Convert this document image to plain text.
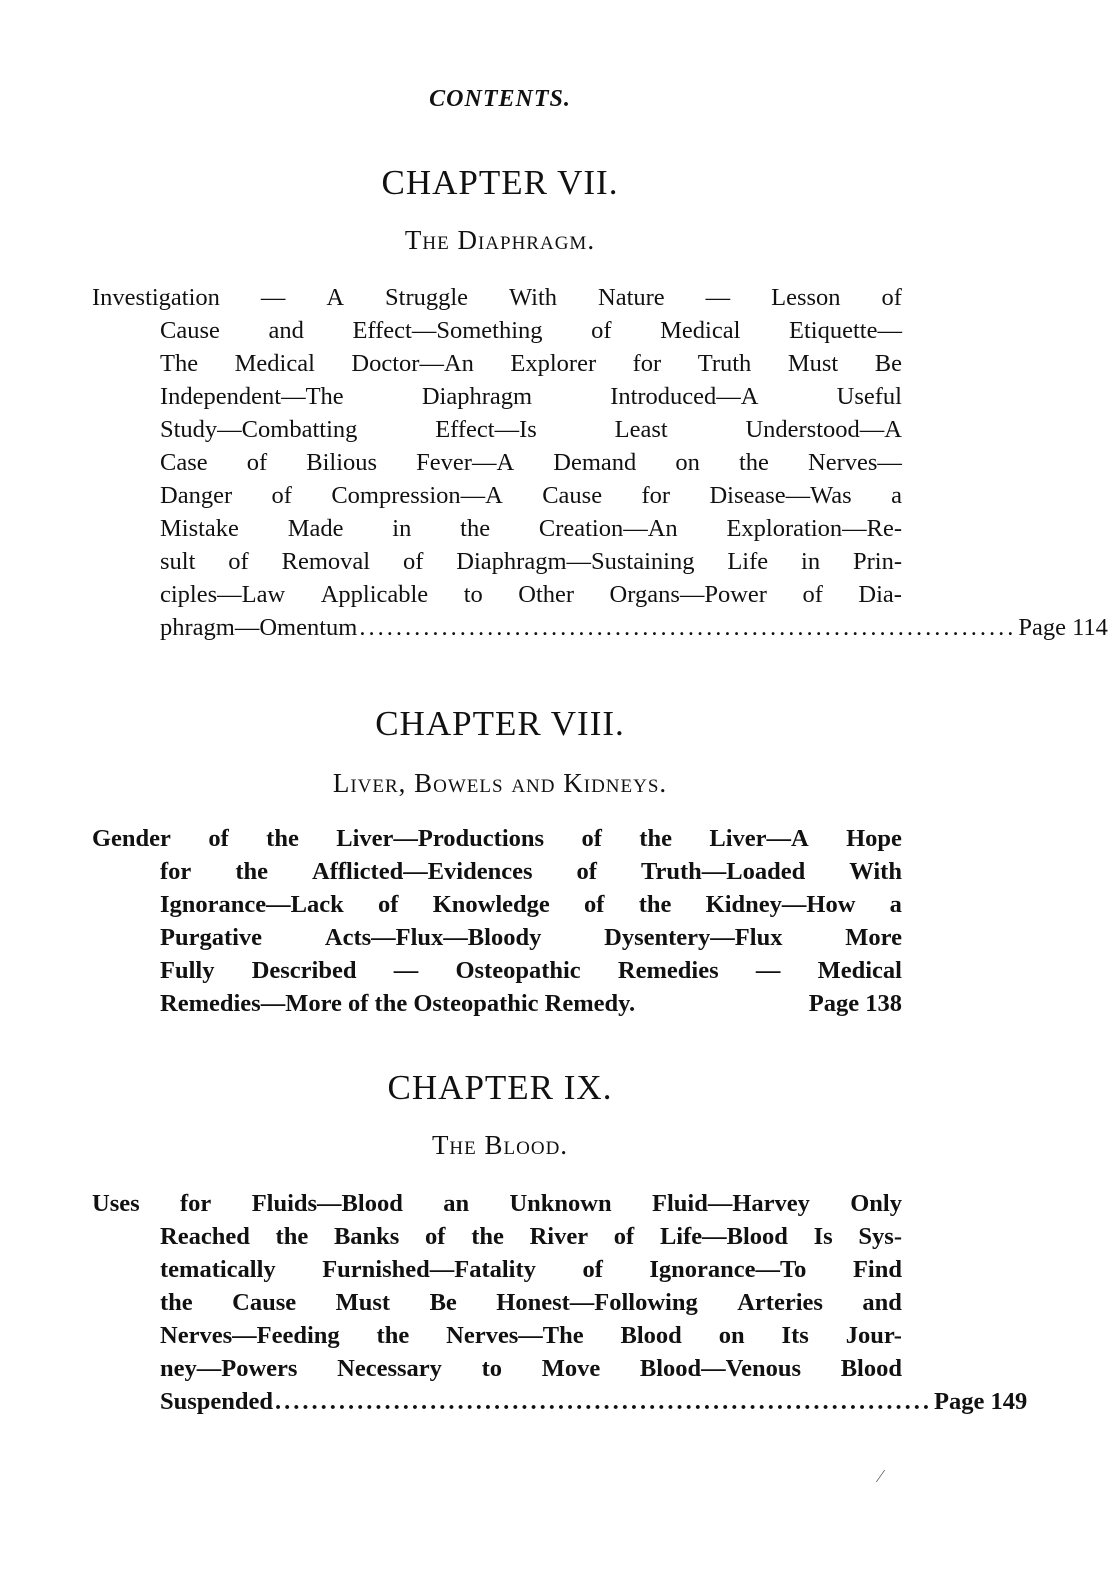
CONTENTS.
CHAPTER VII.
The Diaphragm.
Investigation — A Struggle With Nature — Lesson of
Cause and Effect—Something of Medical Etiquette—
The Medical Doctor—An Explorer for Truth Must Be
Independent—The	Diaphragm	Introduced—A	Useful
Study—Combatting	Effect—Is	Least	Understood—A
Case of Bilious Fever—A Demand on the Nerves—
Danger of Compression—A Cause for Disease—Was a
Mistake Made in the Creation—An Exploration—Re-
sult of Removal of Diaphragm—Sustaining Life in Prin-
ciples—Law Applicable to Other Organs—Power of Dia-
phragm—Omentum ........................................................................ Page 114
CHAPTER VIII.
Liver, Bowels and Kidneys.
Gender of the Liver—Productions of the Liver—A Hope
for the Afflicted—Evidences of Truth—Loaded With
Ignorance—Lack of Knowledge of the Kidney—How a
Purgative	Acts—Flux—Bloody	Dysentery—Flux	More
Fully Described — Osteopathic Remedies — Medical
Remedies—More of the Osteopathic Remedy.	Page 138
CHAPTER IX.
The Blood.
Uses for Fluids—Blood an Unknown Fluid—Harvey Only
Reached the Banks of the River of Life—Blood Is Sys-
tematically Furnished—Fatality of Ignorance—To Find
the Cause Must Be Honest—Following Arteries and
Nerves—Feeding the Nerves—The Blood on Its Jour-
ney—Powers Necessary to Move Blood—Venous Blood
Suspended ........................................................................ Page 149
⁄
